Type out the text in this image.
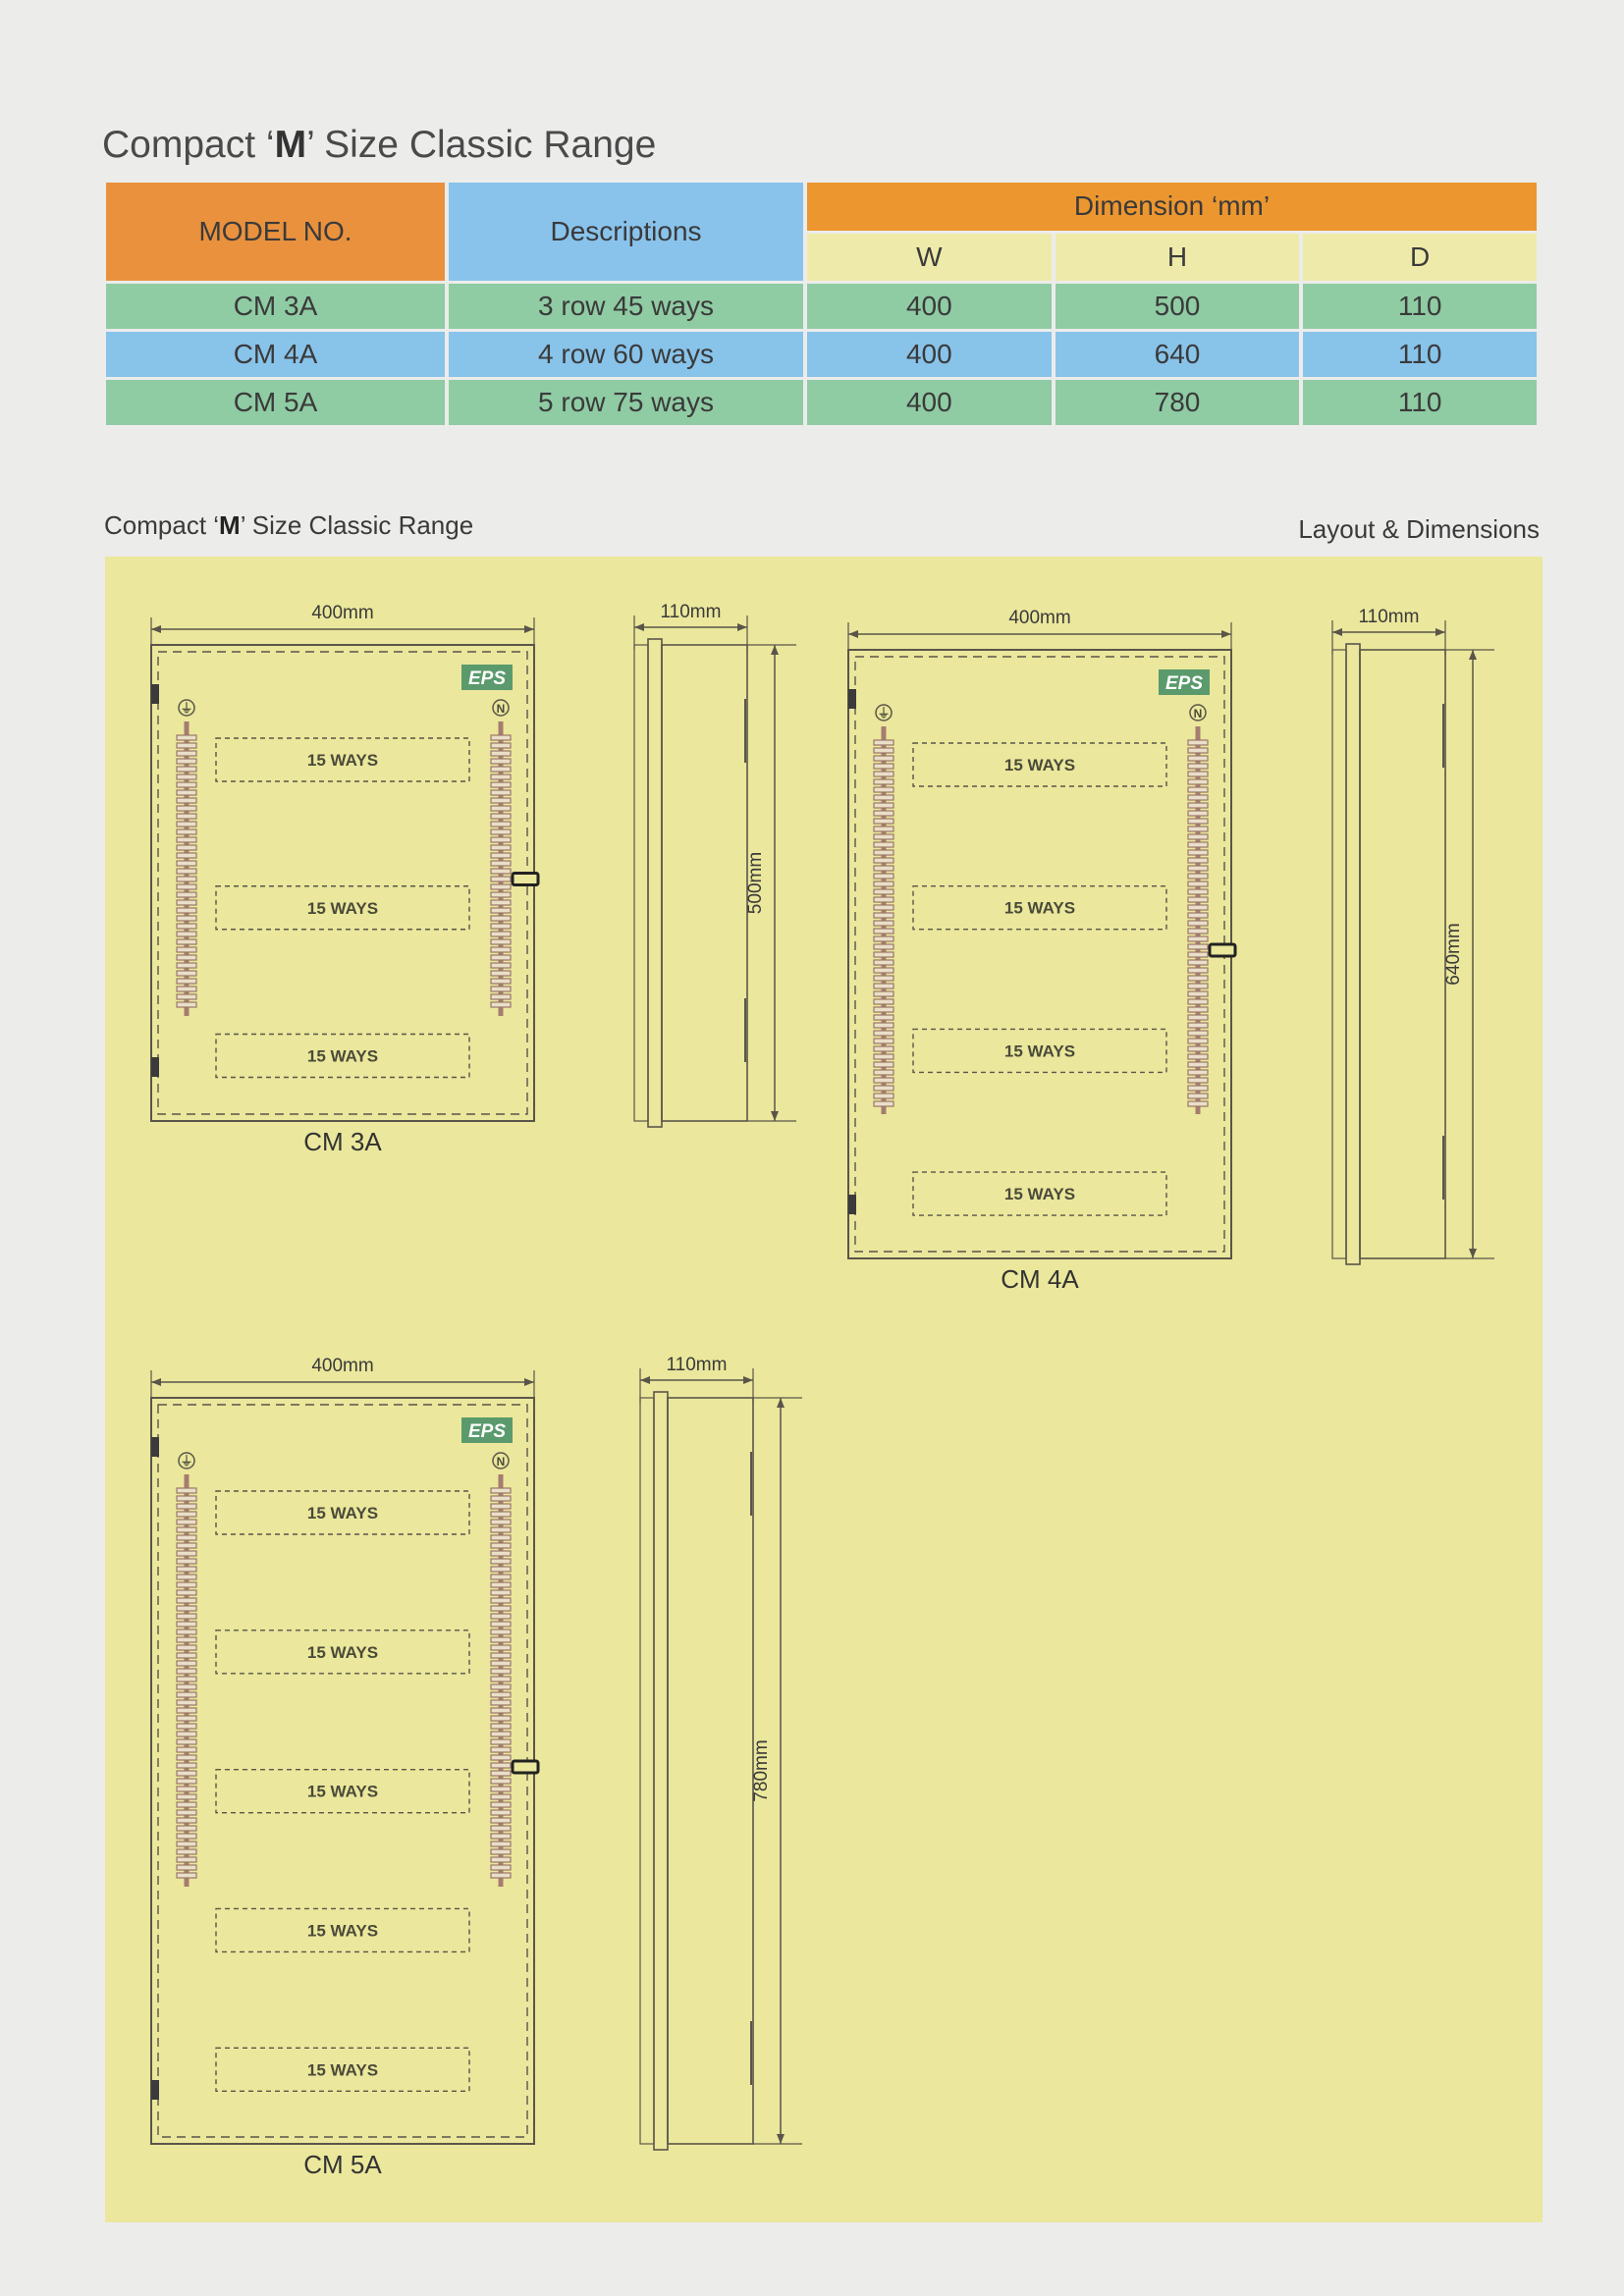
Compact ‘M’ Size Classic Range
MODEL NO.	Descriptions	Dimension ‘mm’		
		W	H	D
CM 3A	3 row 45 ways	400	500	110
CM 4A	4 row 60 ways	400	640	110
CM 5A	5 row 75 ways	400	780	110
Compact ‘M’ Size Classic Range	Layout & Dimensions
400mm
EPS
⏚	N
15 WAYS
15 WAYS
15 WAYS
CM 3A
110mm
500mm
400mm
EPS
⏚	N
15 WAYS
15 WAYS
15 WAYS
15 WAYS
CM 4A
110mm
640mm
400mm
EPS
⏚	N
15 WAYS
15 WAYS
15 WAYS
15 WAYS
15 WAYS
CM 5A
110mm
780mm
